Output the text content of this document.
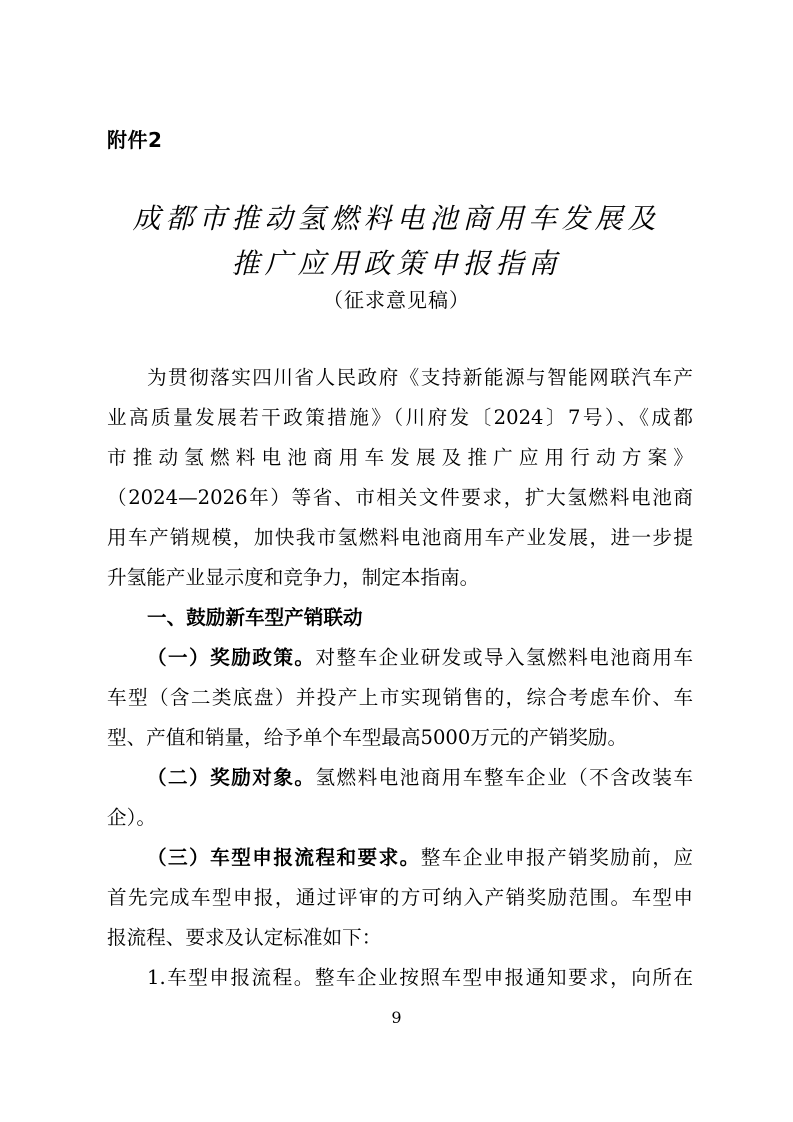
附件2
成都市推动氢燃料电池商用车发展及
推广应用政策申报指南
（征求意见稿）
为贯彻落实四川省人民政府《支持新能源与智能网联汽车产
业高质量发展若干政策措施》（川府发〔2024〕7号）、《成都
市推动氢燃料电池商用车发展及推广应用行动方案》
（2024—2026年）等省、市相关文件要求，扩大氢燃料电池商
用车产销规模，加快我市氢燃料电池商用车产业发展，进一步提
升氢能产业显示度和竞争力，制定本指南。
一、鼓励新车型产销联动
（一）奖励政策。对整车企业研发或导入氢燃料电池商用车
车型（含二类底盘）并投产上市实现销售的，综合考虑车价、车
型、产值和销量，给予单个车型最高5000万元的产销奖励。
（二）奖励对象。氢燃料电池商用车整车企业（不含改装车
企）。
（三）车型申报流程和要求。整车企业申报产销奖励前，应
首先完成车型申报，通过评审的方可纳入产销奖励范围。车型申
报流程、要求及认定标准如下：
1.车型申报流程。整车企业按照车型申报通知要求，向所在
9
